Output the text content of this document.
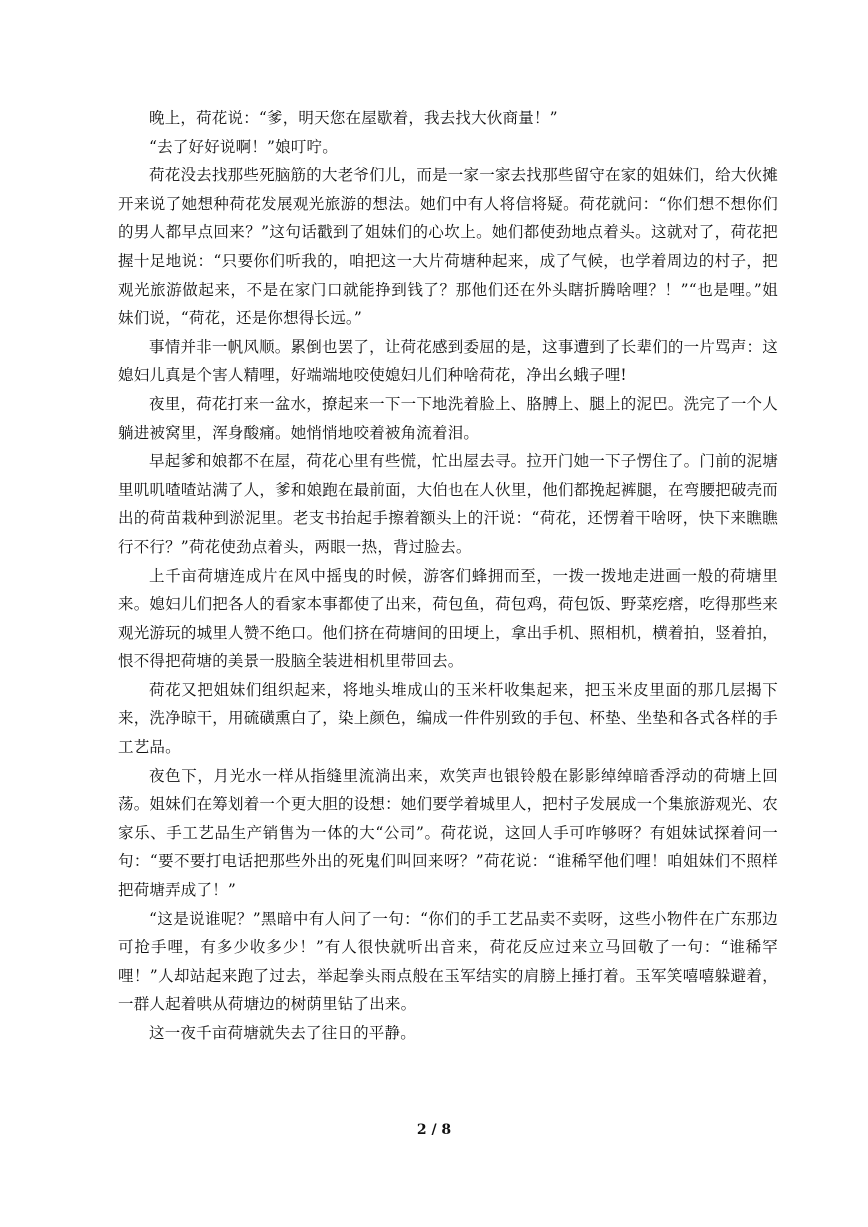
晚上，荷花说：“爹，明天您在屋歇着，我去找大伙商量！”

“去了好好说啊！”娘叮咛。

荷花没去找那些死脑筋的大老爷们儿，而是一家一家去找那些留守在家的姐妹们，给大伙摊开来说了她想种荷花发展观光旅游的想法。她们中有人将信将疑。荷花就问：“你们想不想你们的男人都早点回来？”这句话戳到了姐妹们的心坎上。她们都使劲地点着头。这就对了，荷花把握十足地说：“只要你们听我的，咱把这一大片荷塘种起来，成了气候，也学着周边的村子，把观光旅游做起来，不是在家门口就能挣到钱了？那他们还在外头瞎折腾啥哩？！”“也是哩。”姐妹们说，“荷花，还是你想得长远。”

事情并非一帆风顺。累倒也罢了，让荷花感到委屈的是，这事遭到了长辈们的一片骂声：这媳妇儿真是个害人精哩，好端端地咬使媳妇儿们种啥荷花，净出幺蛾子哩!

夜里，荷花打来一盆水，撩起来一下一下地洗着脸上、胳膊上、腿上的泥巴。洗完了一个人躺进被窝里，浑身酸痛。她悄悄地咬着被角流着泪。

早起爹和娘都不在屋，荷花心里有些慌，忙出屋去寻。拉开门她一下子愣住了。门前的泥塘里叽叽喳喳站满了人，爹和娘跑在最前面，大伯也在人伙里，他们都挽起裤腿，在弯腰把破壳而出的荷苗栽种到淤泥里。老支书抬起手擦着额头上的汗说：“荷花，还愣着干啥呀，快下来瞧瞧行不行？”荷花使劲点着头，两眼一热，背过脸去。

上千亩荷塘连成片在风中摇曳的时候，游客们蜂拥而至，一拨一拨地走进画一般的荷塘里来。媳妇儿们把各人的看家本事都使了出来，荷包鱼，荷包鸡，荷包饭、野菜疙瘩，吃得那些来观光游玩的城里人赞不绝口。他们挤在荷塘间的田埂上，拿出手机、照相机，横着拍，竖着拍，恨不得把荷塘的美景一股脑全装进相机里带回去。

荷花又把姐妹们组织起来，将地头堆成山的玉米杆收集起来，把玉米皮里面的那几层揭下来，洗净晾干，用硫磺熏白了，染上颜色，编成一件件别致的手包、杯垫、坐垫和各式各样的手工艺品。

夜色下，月光水一样从指缝里流淌出来，欢笑声也银铃般在影影绰绰暗香浮动的荷塘上回荡。姐妹们在筹划着一个更大胆的设想：她们要学着城里人，把村子发展成一个集旅游观光、农家乐、手工艺品生产销售为一体的大“公司”。荷花说，这回人手可咋够呀？有姐妹试探着问一句：“要不要打电话把那些外出的死鬼们叫回来呀？”荷花说：“谁稀罕他们哩！咱姐妹们不照样把荷塘弄成了！”

“这是说谁呢？”黑暗中有人问了一句：“你们的手工艺品卖不卖呀，这些小物件在广东那边可抢手哩，有多少收多少！”有人很快就听出音来，荷花反应过来立马回敬了一句：“谁稀罕哩！”人却站起来跑了过去，举起拳头雨点般在玉军结实的肩膀上捶打着。玉军笑嘻嘻躲避着，一群人起着哄从荷塘边的树荫里钻了出来。

这一夜千亩荷塘就失去了往日的平静。

2 / 8
